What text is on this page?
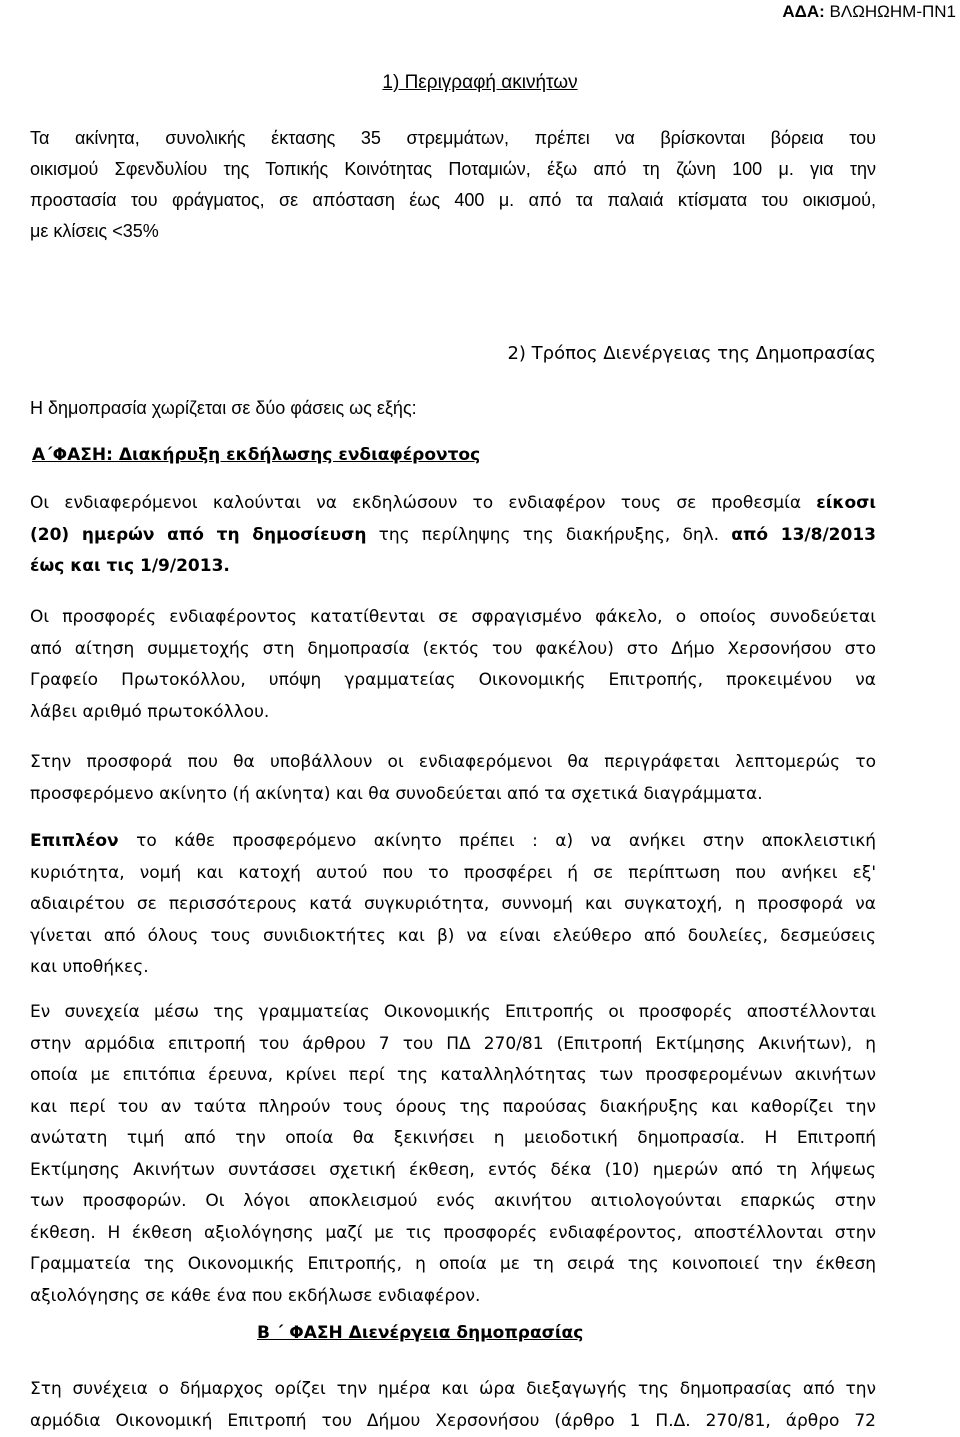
ΑΔΑ: ΒΛΩΗΩΗΜ-ΠΝ1
1) Περιγραφή ακινήτων
Τα ακίνητα, συνολικής έκτασης 35 στρεμμάτων, πρέπει να βρίσκονται βόρεια του
οικισμού Σφενδυλίου της Τοπικής Κοινότητας Ποταμιών, έξω από τη ζώνη 100 μ. για την
προστασία του φράγματος, σε απόσταση έως 400 μ. από τα παλαιά κτίσματα του οικισμού,
με κλίσεις <35%
2) Τρόπος Διενέργειας της Δημοπρασίας
Η δημοπρασία χωρίζεται σε δύο φάσεις ως εξής:
Α΄ΦΑΣΗ: Διακήρυξη εκδήλωσης ενδιαφέροντος
Οι ενδιαφερόμενοι καλούνται να εκδηλώσουν το ενδιαφέρον τους σε προθεσμία είκοσι
(20) ημερών από τη δημοσίευση της περίληψης της διακήρυξης, δηλ. από 13/8/2013
έως και τις 1/9/2013.
Οι προσφορές ενδιαφέροντος κατατίθενται σε σφραγισμένο φάκελο, ο οποίος συνοδεύεται
από αίτηση συμμετοχής στη δημοπρασία (εκτός του φακέλου) στο Δήμο Χερσονήσου στο
Γραφείο Πρωτοκόλλου, υπόψη γραμματείας Οικονομικής Επιτροπής, προκειμένου να
λάβει αριθμό πρωτοκόλλου.
Στην προσφορά που θα υποβάλλουν οι ενδιαφερόμενοι θα περιγράφεται λεπτομερώς το
προσφερόμενο ακίνητο (ή ακίνητα) και θα συνοδεύεται από τα σχετικά διαγράμματα.
Επιπλέον το κάθε προσφερόμενο ακίνητο πρέπει : α) να ανήκει στην αποκλειστική
κυριότητα, νομή και κατοχή αυτού που το προσφέρει ή σε περίπτωση που ανήκει εξ'
αδιαιρέτου σε περισσότερους κατά συγκυριότητα, συννομή και συγκατοχή, η προσφορά να
γίνεται από όλους τους συνιδιοκτήτες και β) να είναι ελεύθερο από δουλείες, δεσμεύσεις
και υποθήκες.
Εν συνεχεία μέσω της γραμματείας Οικονομικής Επιτροπής οι προσφορές αποστέλλονται
στην αρμόδια επιτροπή του άρθρου 7 του ΠΔ 270/81 (Επιτροπή Εκτίμησης Ακινήτων), η
οποία με επιτόπια έρευνα, κρίνει περί της καταλληλότητας των προσφερομένων ακινήτων
και περί του αν ταύτα πληρούν τους όρους της παρούσας διακήρυξης και καθορίζει την
ανώτατη τιμή από την οποία θα ξεκινήσει η μειοδοτική δημοπρασία. Η Επιτροπή
Εκτίμησης Ακινήτων συντάσσει σχετική έκθεση, εντός δέκα (10) ημερών από τη λήψεως
των προσφορών. Οι λόγοι αποκλεισμού ενός ακινήτου αιτιολογούνται επαρκώς στην
έκθεση. Η έκθεση αξιολόγησης μαζί με τις προσφορές ενδιαφέροντος, αποστέλλονται στην
Γραμματεία της Οικονομικής Επιτροπής, η οποία με τη σειρά της κοινοποιεί την έκθεση
αξιολόγησης σε κάθε ένα που εκδήλωσε ενδιαφέρον.
Β ΄ ΦΑΣΗ Διενέργεια δημοπρασίας
Στη συνέχεια ο δήμαρχος ορίζει την ημέρα και ώρα διεξαγωγής της δημοπρασίας από την
αρμόδια Οικονομική Επιτροπή του Δήμου Χερσονήσου (άρθρο 1 Π.Δ. 270/81, άρθρο 72
